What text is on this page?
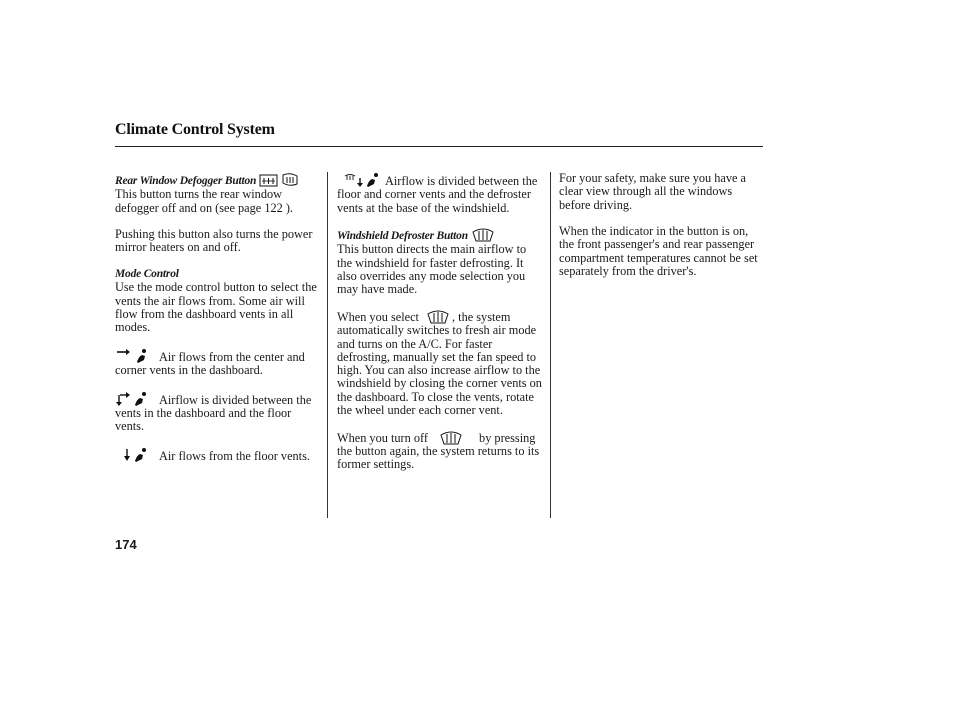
Climate Control System
Rear Window Defogger Button

This button turns the rear window defogger off and on (see page 122 ).

Pushing this button also turns the power mirror heaters on and off.

Mode Control

Use the mode control button to select the vents the air flows from. Some air will flow from the dashboard vents in all modes.

Air flows from the center and corner vents in the dashboard.

Airflow is divided between the vents in the dashboard and the floor vents.

Air flows from the floor vents.

Airflow is divided between the floor and corner vents and the defroster vents at the base of the windshield.

Windshield Defroster Button

This button directs the main airflow to the windshield for faster defrosting. It also overrides any mode selection you may have made.

When you select	, the system automatically switches to fresh air mode and turns on the A/C. For faster defrosting, manually set the fan speed to high. You can also increase airflow to the windshield by closing the corner vents on the dashboard. To close the vents, rotate the wheel under each corner vent.

When you turn off	by pressing the button again, the system returns to its former settings.

For your safety, make sure you have a clear view through all the windows before driving.

When the indicator in the button is on, the front passenger's and rear passenger compartment temperatures cannot be set separately from the driver's.

174
